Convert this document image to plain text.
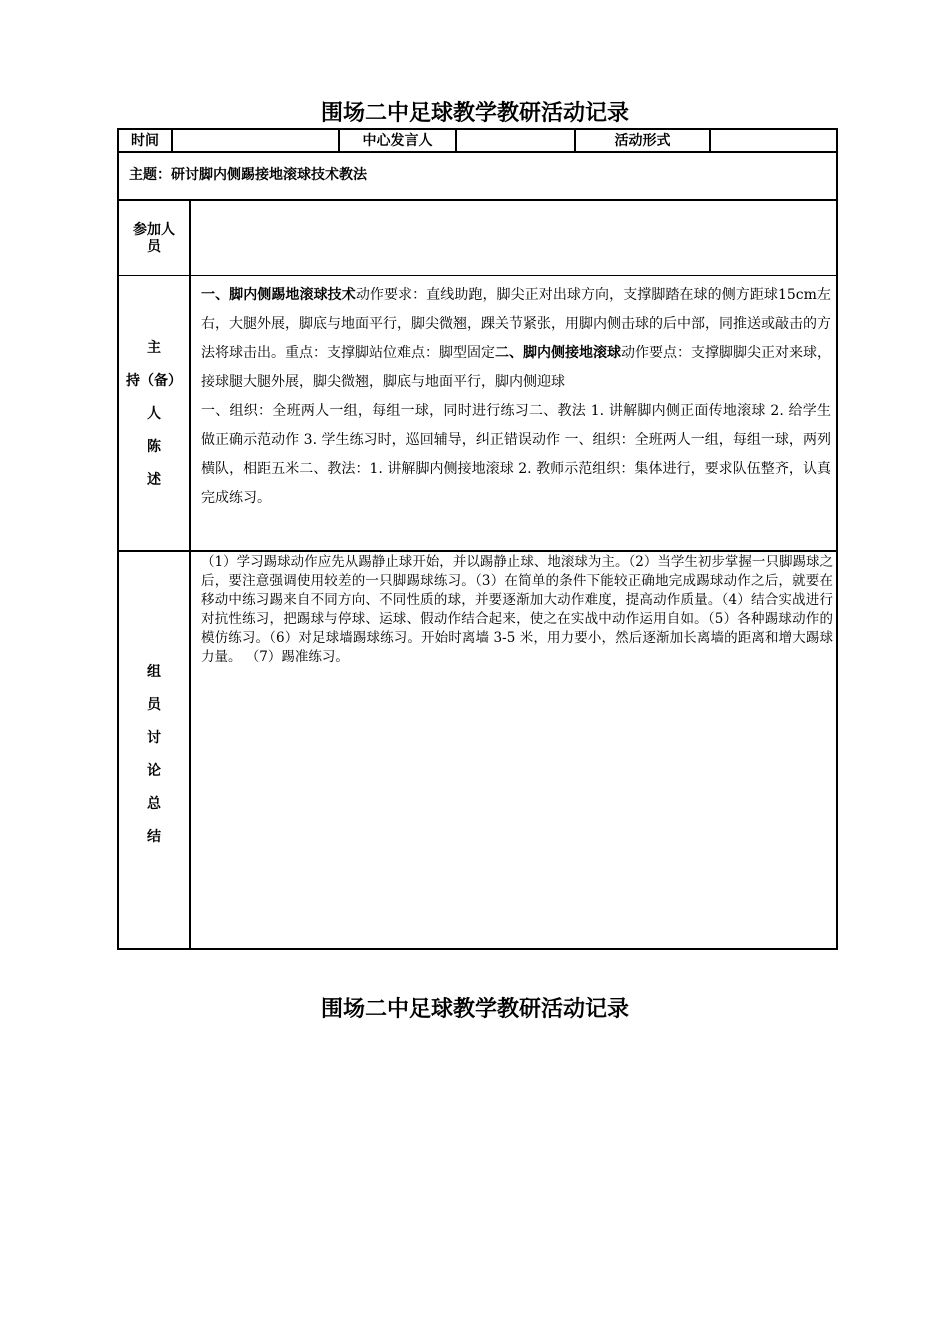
围场二中足球教学教研活动记录
时间	中心发言人	活动形式
主题：研讨脚内侧踢接地滚球技术教法
参加人员
主
持（备）
人
陈
述
一、脚内侧踢地滚球技术动作要求：直线助跑，脚尖正对出球方向，支撑脚踏在球的侧方距球15cm左右，大腿外展，脚底与地面平行，脚尖微翘，踝关节紧张，用脚内侧击球的后中部，同推送或敲击的方法将球击出。重点：支撑脚站位难点：脚型固定二、脚内侧接地滚球动作要点：支撑脚脚尖正对来球，接球腿大腿外展，脚尖微翘，脚底与地面平行，脚内侧迎球
一、组织：全班两人一组，每组一球，同时进行练习二、教法 1. 讲解脚内侧正面传地滚球 2. 给学生做正确示范动作 3. 学生练习时，巡回辅导，纠正错误动作 一、组织：全班两人一组，每组一球，两列横队，相距五米二、教法：1. 讲解脚内侧接地滚球 2. 教师示范组织：集体进行，要求队伍整齐，认真完成练习。
组
员
讨
论
总
结
（1）学习踢球动作应先从踢静止球开始，并以踢静止球、地滚球为主。（2）当学生初步掌握一只脚踢球之后，要注意强调使用较差的一只脚踢球练习。（3）在简单的条件下能较正确地完成踢球动作之后，就要在移动中练习踢来自不同方向、不同性质的球，并要逐渐加大动作难度，提高动作质量。（4）结合实战进行对抗性练习，把踢球与停球、运球、假动作结合起来，使之在实战中动作运用自如。（5）各种踢球动作的模仿练习。（6）对足球墙踢球练习。开始时离墙 3-5 米，用力要小，然后逐渐加长离墙的距离和增大踢球力量。 （7）踢准练习。
围场二中足球教学教研活动记录
